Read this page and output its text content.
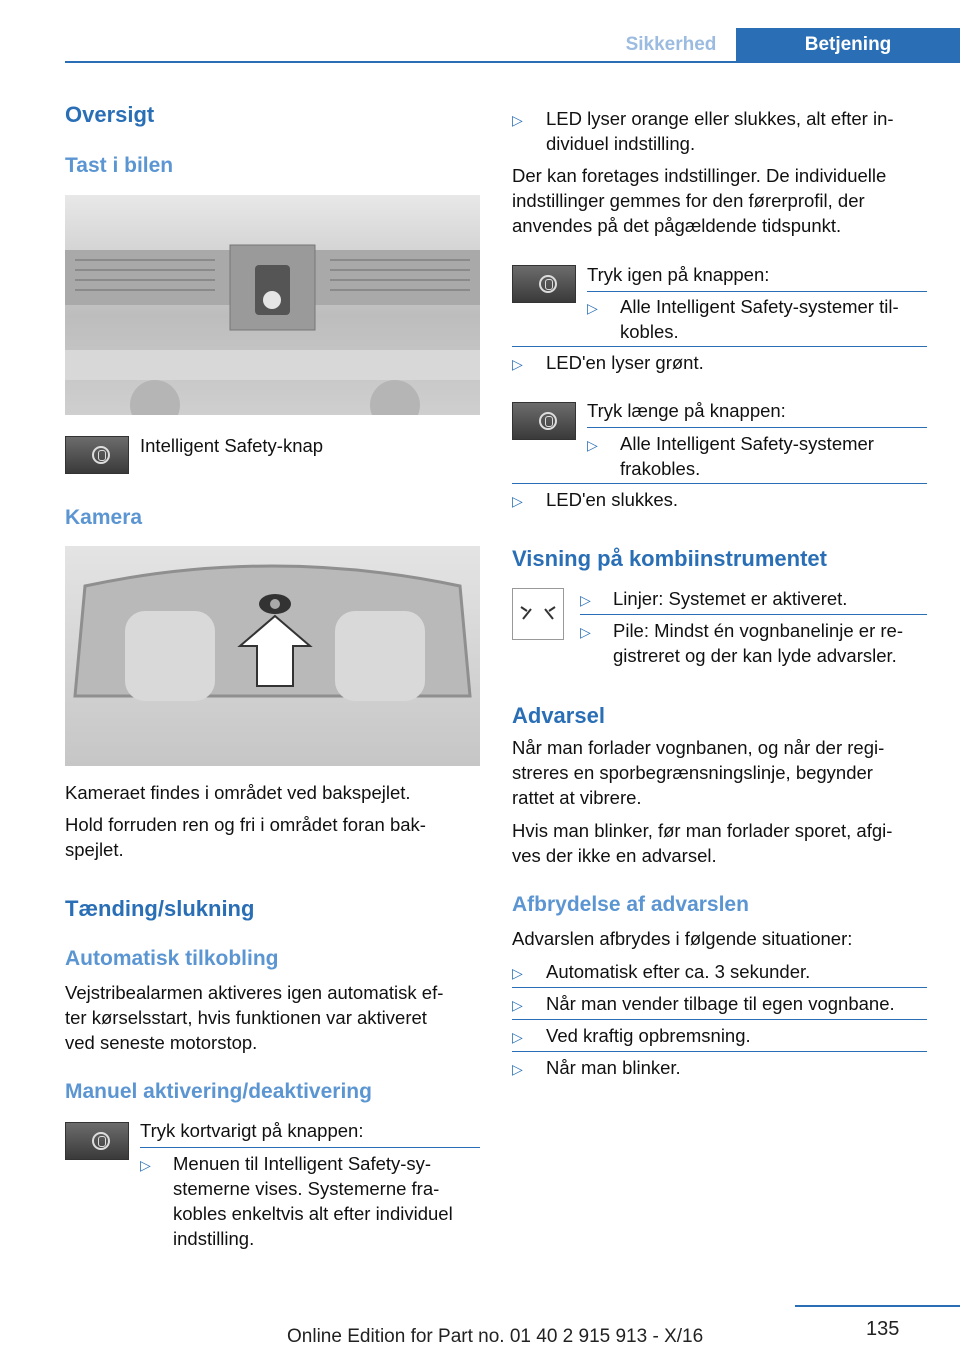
Sikkerhed	Betjening
Oversigt
Tast i bilen
Intelligent Safety-knap
Kamera
Kameraet findes i området ved bakspejlet.
Hold forruden ren og fri i området foran bak-
spejlet.
Tænding/slukning
Automatisk tilkobling
Vejstribealarmen aktiveres igen automatisk ef-
ter kørselsstart, hvis funktionen var aktiveret
ved seneste motorstop.
Manuel aktivering/deaktivering
Tryk kortvarigt på knappen:
▷ Menuen til Intelligent Safety-sy-
stemerne vises. Systemerne fra-
kobles enkeltvis alt efter individuel
indstilling.
▷ LED lyser orange eller slukkes, alt efter in-
dividuel indstilling.
Der kan foretages indstillinger. De individuelle
indstillinger gemmes for den førerprofil, der
anvendes på det pågældende tidspunkt.
Tryk igen på knappen:
▷ Alle Intelligent Safety-systemer til-
kobles.
▷ LED'en lyser grønt.
Tryk længe på knappen:
▷ Alle Intelligent Safety-systemer
frakobles.
▷ LED'en slukkes.
Visning på kombiinstrumentet
▷ Linjer: Systemet er aktiveret.
▷ Pile: Mindst én vognbanelinje er re-
gistreret og der kan lyde advarsler.
Advarsel
Når man forlader vognbanen, og når der regi-
streres en sporbegrænsningslinje, begynder
rattet at vibrere.
Hvis man blinker, før man forlader sporet, afgi-
ves der ikke en advarsel.
Afbrydelse af advarslen
Advarslen afbrydes i følgende situationer:
▷ Automatisk efter ca. 3 sekunder.
▷ Når man vender tilbage til egen vognbane.
▷ Ved kraftig opbremsning.
▷ Når man blinker.
135
Online Edition for Part no. 01 40 2 915 913 - X/16
